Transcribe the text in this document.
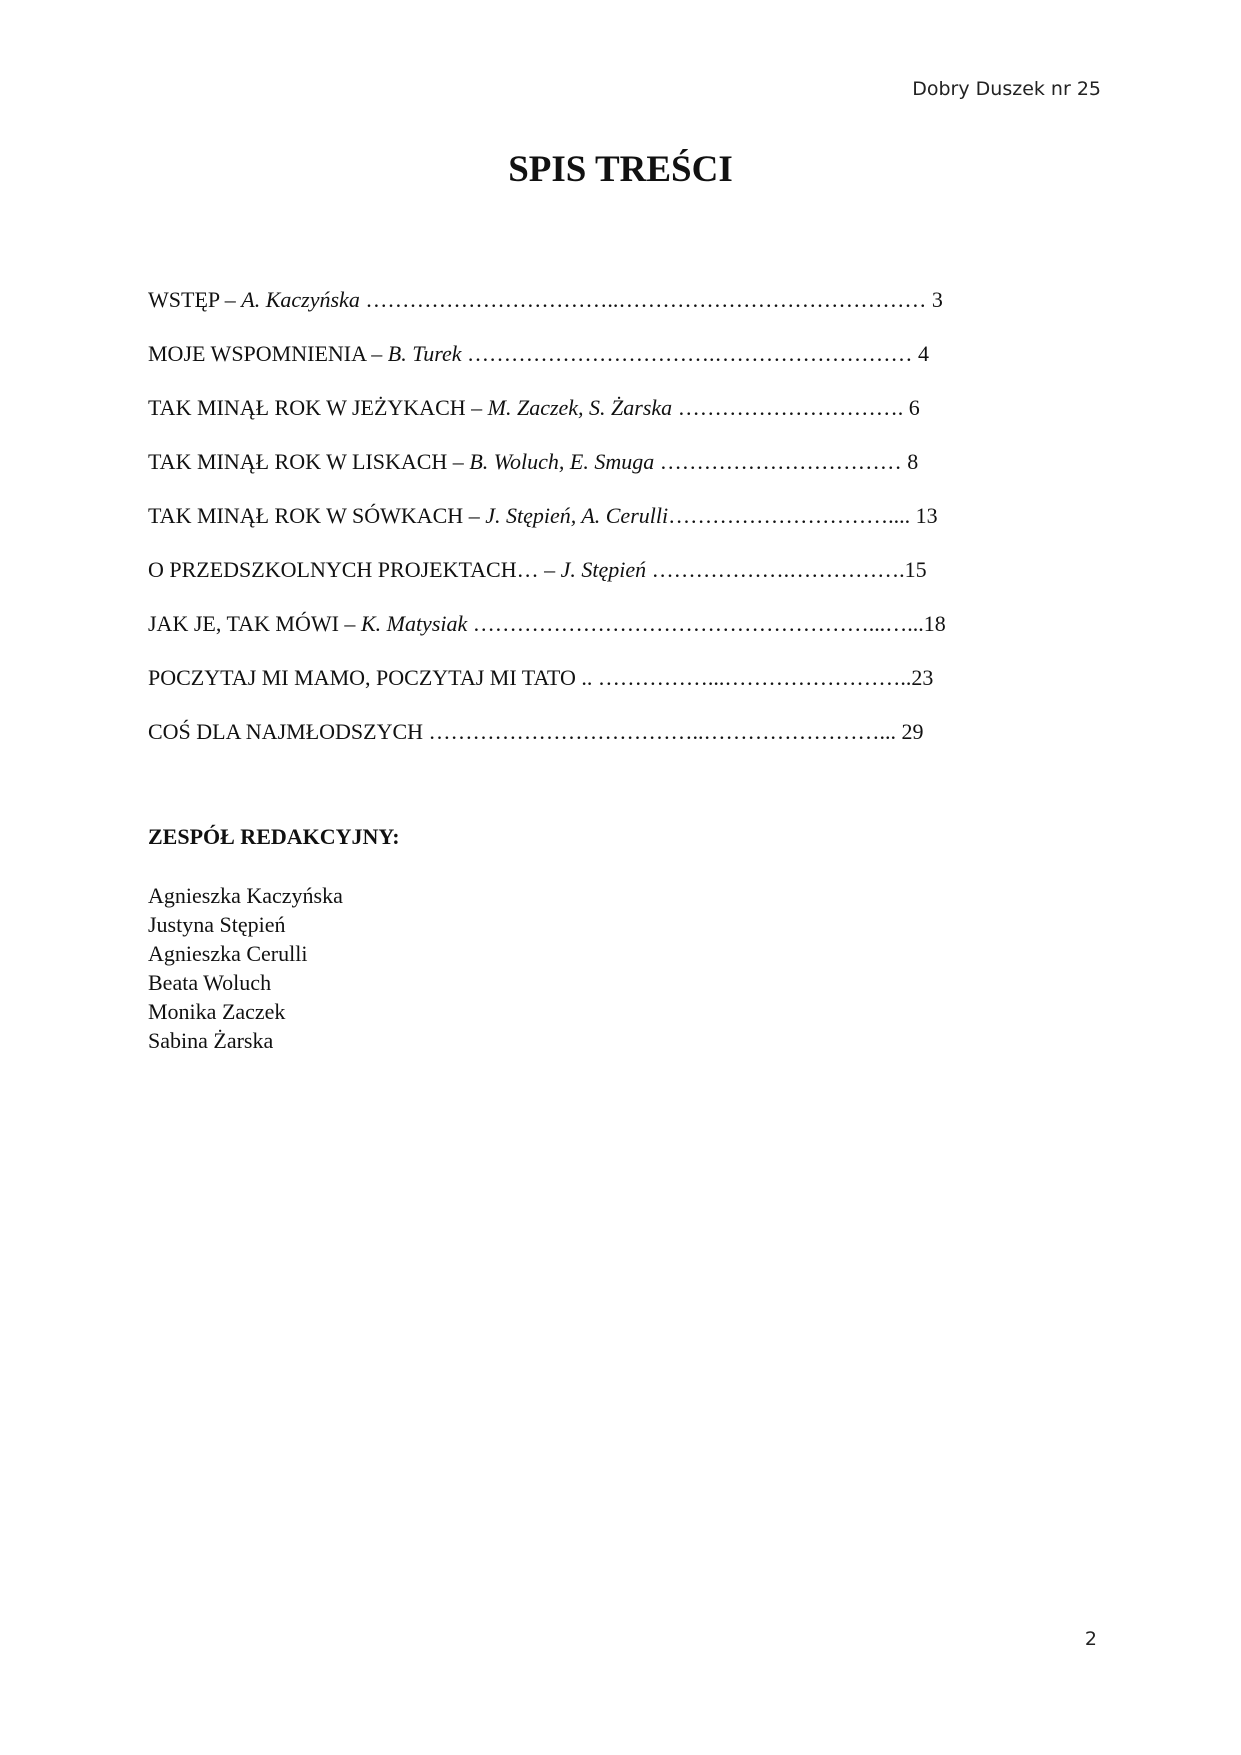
Dobry Duszek nr 25
SPIS TREŚCI
WSTĘP – A. Kaczyńska ……………………………..…………………………………… 3
MOJE WSPOMNIENIA – B. Turek …………………………….……………………… 4
TAK MINĄŁ ROK W JEŻYKACH – M. Zaczek, S. Żarska …………………………. 6
TAK MINĄŁ ROK W LISKACH – B. Woluch, E. Smuga …………………………… 8
TAK MINĄŁ ROK W SÓWKACH – J. Stępień, A. Cerulli………………………….... 13
O PRZEDSZKOLNYCH PROJEKTACH… – J. Stępień ……………….…………….15
JAK JE, TAK MÓWI – K. Matysiak ………………………………………………...…...18
POCZYTAJ MI MAMO, POCZYTAJ MI TATO .. ……………...……………………..23
COŚ DLA NAJMŁODSZYCH ………………………………..……………………... 29
ZESPÓŁ REDAKCYJNY:
Agnieszka Kaczyńska
Justyna Stępień
Agnieszka Cerulli
Beata Woluch
Monika Zaczek
Sabina Żarska
2
